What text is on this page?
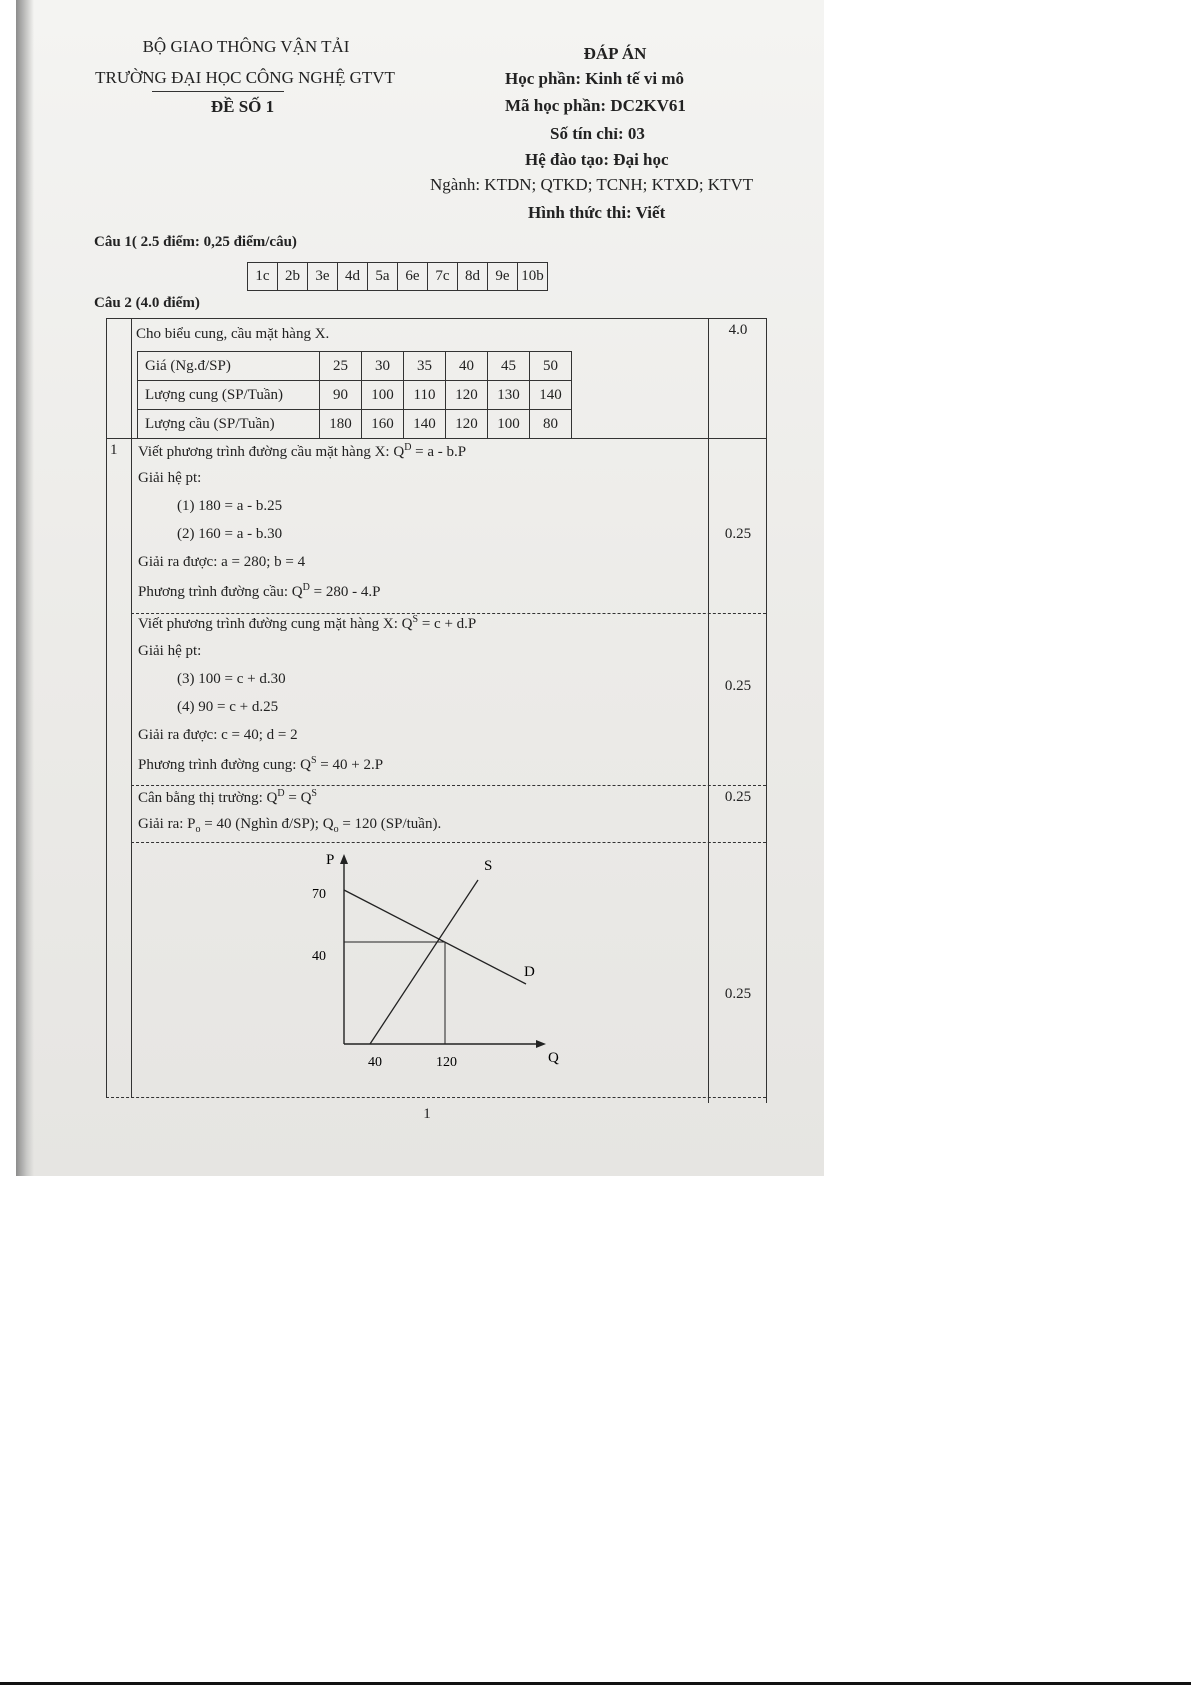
BỘ GIAO THÔNG VẬN TẢI
TRƯỜNG ĐẠI HỌC CÔNG NGHỆ GTVT
ĐỀ SỐ 1
ĐÁP ÁN
Học phần: Kinh tế vi mô
Mã học phần: DC2KV61
Số tín chỉ: 03
Hệ đào tạo: Đại học
Ngành: KTDN; QTKD; TCNH; KTXD; KTVT
Hình thức thi: Viết
Câu 1( 2.5 điểm: 0,25 điểm/câu)
1c	2b	3e	4d	5a	6e	7c	8d	9e	10b
Câu 2 (4.0 điểm)
Cho biểu cung, cầu mặt hàng X.	4.0
Giá (Ng.đ/SP)	25	30	35	40	45	50
Lượng cung (SP/Tuần)	90	100	110	120	130	140
Lượng cầu (SP/Tuần)	180	160	140	120	100	80
1 Viết phương trình đường cầu mặt hàng X: $Q^D = a - b.P$
Giải hệ pt:
(1) 180 = a - b.25
(2) 160 = a - b.30
Giải ra được: a = 280; b = 4
Phương trình đường cầu: $Q^D = 280 - 4.P$
0.25
Viết phương trình đường cung mặt hàng X: $Q^S = c + d.P$
Giải hệ pt:
(3) 100 = c + d.30
(4) 90 = c + d.25
Giải ra được: c = 40; d = 2
Phương trình đường cung: $Q^S = 40 + 2.P$
0.25
Cân bằng thị trường: $Q^D = Q^S$
Giải ra: $P_o = 40$ (Nghìn đ/SP); $Q_o = 120$ (SP/tuần).
0.25
P
Q
S
D
70
40
40	120
0.25
1
